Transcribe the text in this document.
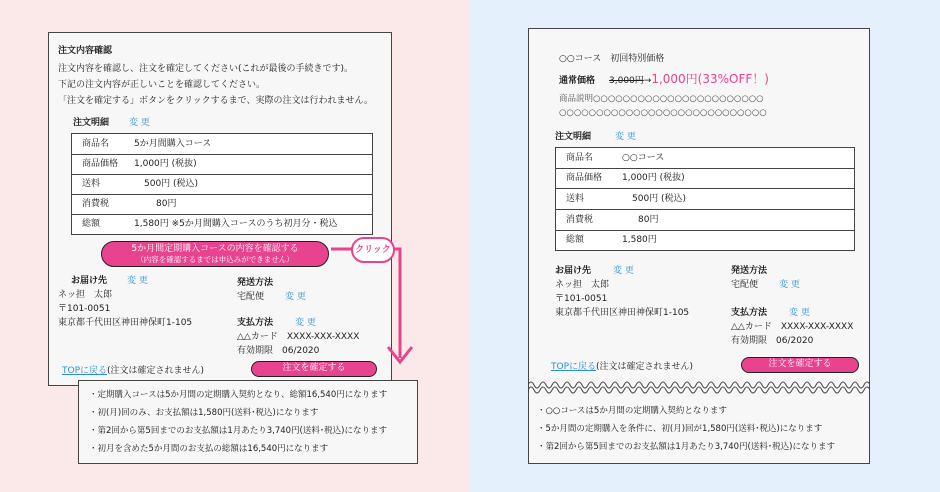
注文内容確認
注文内容を確認し、注文を確定してください(これが最後の手続きです)。
下記の注文内容が正しいことを確認してください。
「注文を確定する」ボタンをクリックするまで、実際の注文は行われません。
注文明細 変 更
商品名	5か月間購入コース
商品価格 1,000円 (税抜)
送料	500円 (税込)
消費税	80円
総額	1,580円 ※5か月間購入コースのうち初月分・税込
5か月間定期購入コースの内容を確認する
（内容を確認するまでは申込みができません）
お届け先 変 更
ネッ担　太郎
〒101-0051
東京都千代田区神田神保町1-105
発送方法
宅配便 変 更
支払方法 変 更
△△カード　XXXX-XXX-XXXX
有効期限　06/2020
TOPに戻る(注文は確定されません)	注文を確定する
クリック
・定期購入コースは5か月間の定期購入契約となり、総額16,540円になります
・初(月)回のみ、お支払額は1,580円(送料･税込)になります
・第2回から第5回までのお支払額は1月あたり3,740円(送料･税込)になります
・初月を含めた5か月間のお支払の総額は16,540円になります
○○コース　初回特別価格
通常価格 3,000円→1,000円(33%OFF！)
商品説明○○○○○○○○○○○○○○○○○○○○○○○
○○○○○○○○○○○○○○○○○○○○○○○○○○○○
注文明細	変 更
商品名	○○コース
商品価格 1,000円 (税抜)
送料	500円 (税込)
消費税	80円
総額	1,580円
お届け先 変 更
ネッ担　太郎
〒101-0051
東京都千代田区神田神保町1-105
発送方法
宅配便 変 更
支払方法 変 更
△△カード　XXXX-XXX-XXXX
有効期限　06/2020
TOPに戻る(注文は確定されません)	注文を確定する
・○○コースは5か月間の定期購入契約となります
・5か月間の定期購入を条件に、初(月)回が1,580円(送料･税込)になります
・第2回から第5回までのお支払額は1月あたり3,740円(送料･税込)になります
